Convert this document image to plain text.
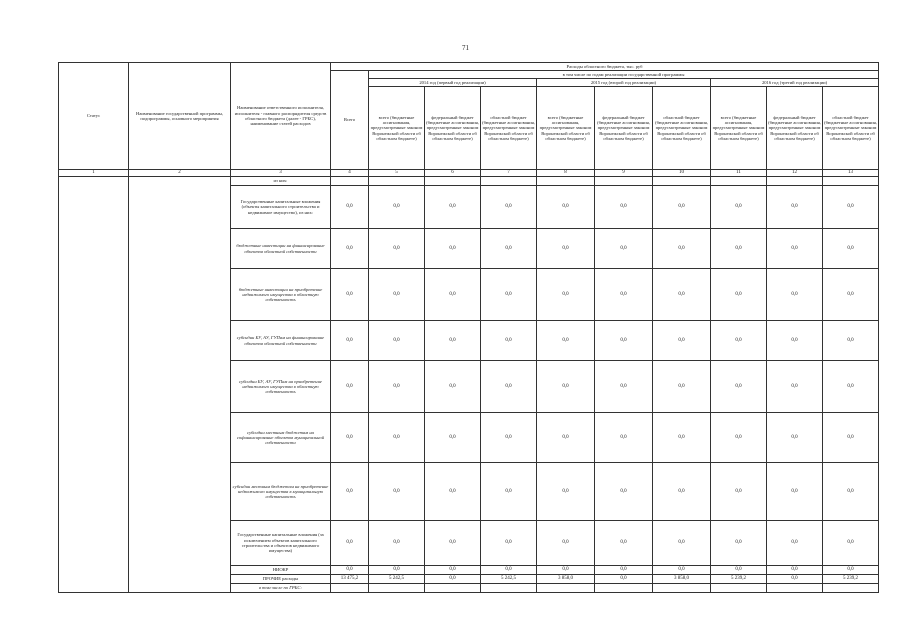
71
Статус	Наименование государственной программы, подпрограммы, основного мероприятия	Наименование ответственного исполнителя, исполнителя - главного распорядителя средств областного бюджета (далее - ГРБС), наименование статей расходов	Расходы областного бюджета, тыс. руб									
			Всего	в том числе по годам реализации государственной программы								
				2014 год (первый год реализации)			2015 год (второй год реализации)			2016 год (третий год реализации)		
				всего (бюджетные ассигнования, предусмотренные законом Воронежской области об областном бюджете)	федеральный бюджет (бюджетные ассигнования, предусмотренные законом Воронежской области об областном бюджете)	областной бюджет (бюджетные ассигнования, предусмотренные законом Воронежской области об областном бюджете)	всего (бюджетные ассигнования, предусмотренные законом Воронежской области об областном бюджете)	федеральный бюджет (бюджетные ассигнования, предусмотренные законом Воронежской области об областном бюджете)	областной бюджет (бюджетные ассигнования, предусмотренные законом Воронежской области об областном бюджете)	всего (бюджетные ассигнования, предусмотренные законом Воронежской области об областном бюджете)	федеральный бюджет (бюджетные ассигнования, предусмотренные законом Воронежской области об областном бюджете)	областной бюджет (бюджетные ассигнования, предусмотренные законом Воронежской области об областном бюджете)
1	2	3	4	5	6	7	8	9	10	11	12	13
		из них:										
		Государственные капитальные вложения (объекты капитального строительства и недвижимое имущество), из них:	0,0	0,0	0,0	0,0	0,0	0,0	0,0	0,0	0,0	0,0
		бюджетные инвестиции на финансирование объектов областной собственности	0,0	0,0	0,0	0,0	0,0	0,0	0,0	0,0	0,0	0,0
		бюджетные инвестиции на приобретение недвижимого имущества в областную собственность	0,0	0,0	0,0	0,0	0,0	0,0	0,0	0,0	0,0	0,0
		субсидии БУ, АУ, ГУПам на финансирование объектов областной собственности	0,0	0,0	0,0	0,0	0,0	0,0	0,0	0,0	0,0	0,0
		субсидии БУ, АУ, ГУПам на приобретение недвижимого имущества в областную собственность	0,0	0,0	0,0	0,0	0,0	0,0	0,0	0,0	0,0	0,0
		субсидии местным бюджетам на софинансирование объектов муниципальной собственности	0,0	0,0	0,0	0,0	0,0	0,0	0,0	0,0	0,0	0,0
		субсидии местным бюджетам на приобретение недвижимого имущества в муниципальную собственность	0,0	0,0	0,0	0,0	0,0	0,0	0,0	0,0	0,0	0,0
		Государственные капитальные вложения (за исключением объектов капитального строительства и объектов недвижимого имущества)	0,0	0,0	0,0	0,0	0,0	0,0	0,0	0,0	0,0	0,0
		НИОКР	0,0	0,0	0,0	0,0	0,0	0,0	0,0	0,0	0,0	0,0
		ПРОЧИЕ расходы	13 475,2	5 242,5	0,0	5 242,5	3 858,0	0,0	3 858,0	5 239,2	0,0	5 239,2
		в том числе по ГРБС:										
